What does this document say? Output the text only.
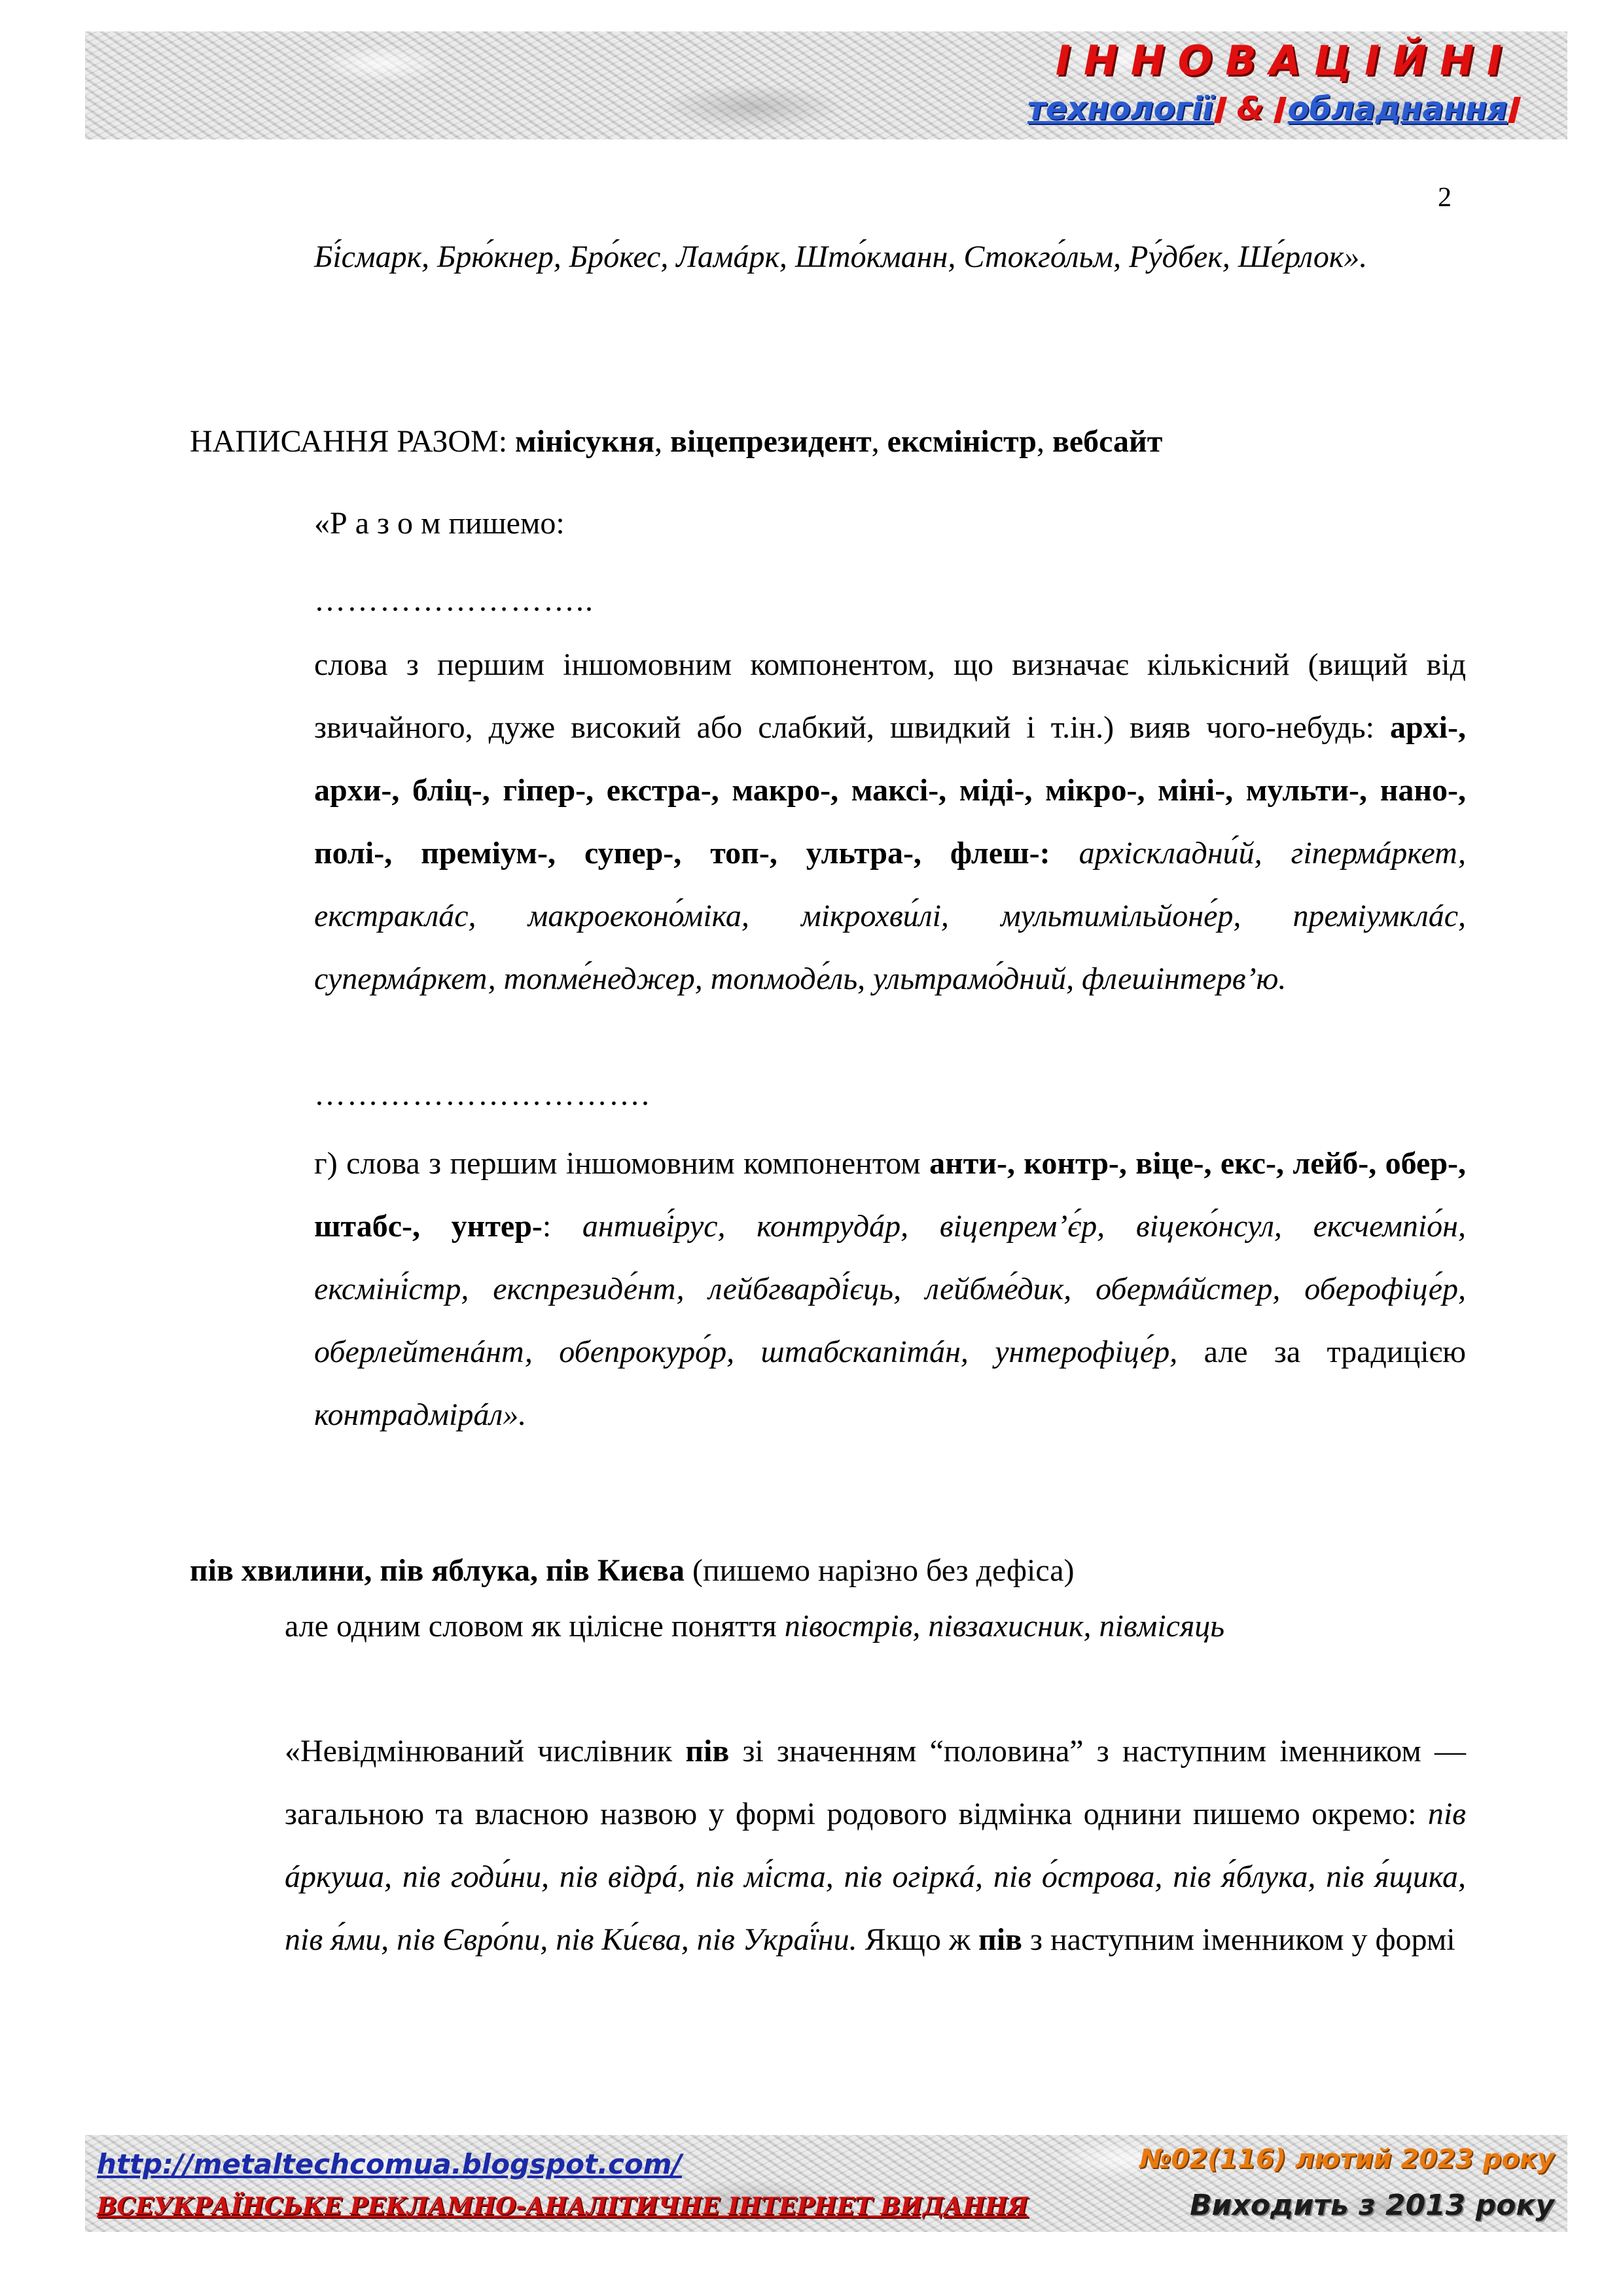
ІННОВАЦІЙНІ
технології & обладнання
2
Бі́смарк, Брю́кнер, Бро́кес, Ламáрк, Што́кманн, Стокго́льм, Ру́дбек, Ше́рлок».
НАПИСАННЯ РАЗОМ: мінісукня, віцепрезидент, ексміністр, вебсайт
«Р а з о м пишемо:
……………………..
слова з першим іншомовним компонентом, що визначає кількісний (вищий від звичайного, дуже високий або слабкий, швидкий і т.ін.) вияв чого-небудь: архі-, архи-, бліц-, гіпер-, екстра-, макро-, максі-, міді-, мікро-, міні-, мульти-, нано-, полі-, преміум-, супер-, топ-, ультра-, флеш-: архіскладни́й, гіпермáркет, екстраклáс, макроеконо́міка, мікрохви́лі, мультимільйоне́р, преміумклáс, супермáркет, топме́неджер, топмоде́ль, ультрамо́дний, флешінтерв’ю.
………………………….
г) слова з першим іншомовним компонентом анти-, контр-, віце-, екс-, лейб-, обер-, штабс-, унтер-: антиві́рус, контрудáр, віцепрем’є́р, віцеко́нсул, ексчемпіо́н, ексміні́стр, експрезиде́нт, лейбгварді́єць, лейбме́дик, обермáйстер, оберофіце́р, оберлейтенáнт, обепрокуро́р, штабскапітáн, унтерофіце́р, але за традицією контрадмірáл».
пів хвилини, пів яблука, пів Києва (пишемо нарізно без дефіса)
але одним словом як цілісне поняття півострів, півзахисник, півмісяць
«Невідмінюваний числівник пів зі значенням “половина” з наступним іменником — загальною та власною назвою у формі родового відмінка однини пишемо окремо: пів áркуша, пів годи́ни, пів відрá, пів мі́ста, пів огіркá, пів о́строва, пів я́блука, пів я́щика, пів я́ми, пів Євро́пи, пів Ки́єва, пів Украї́ни. Якщо ж пів з наступним іменником у формі
http://metaltechcomua.blogspot.com/
ВСЕУКРАЇНСЬКЕ РЕКЛАМНО-АНАЛІТИЧНЕ ІНТЕРНЕТ ВИДАННЯ
№02(116) лютий 2023 року
Виходить з 2013 року
